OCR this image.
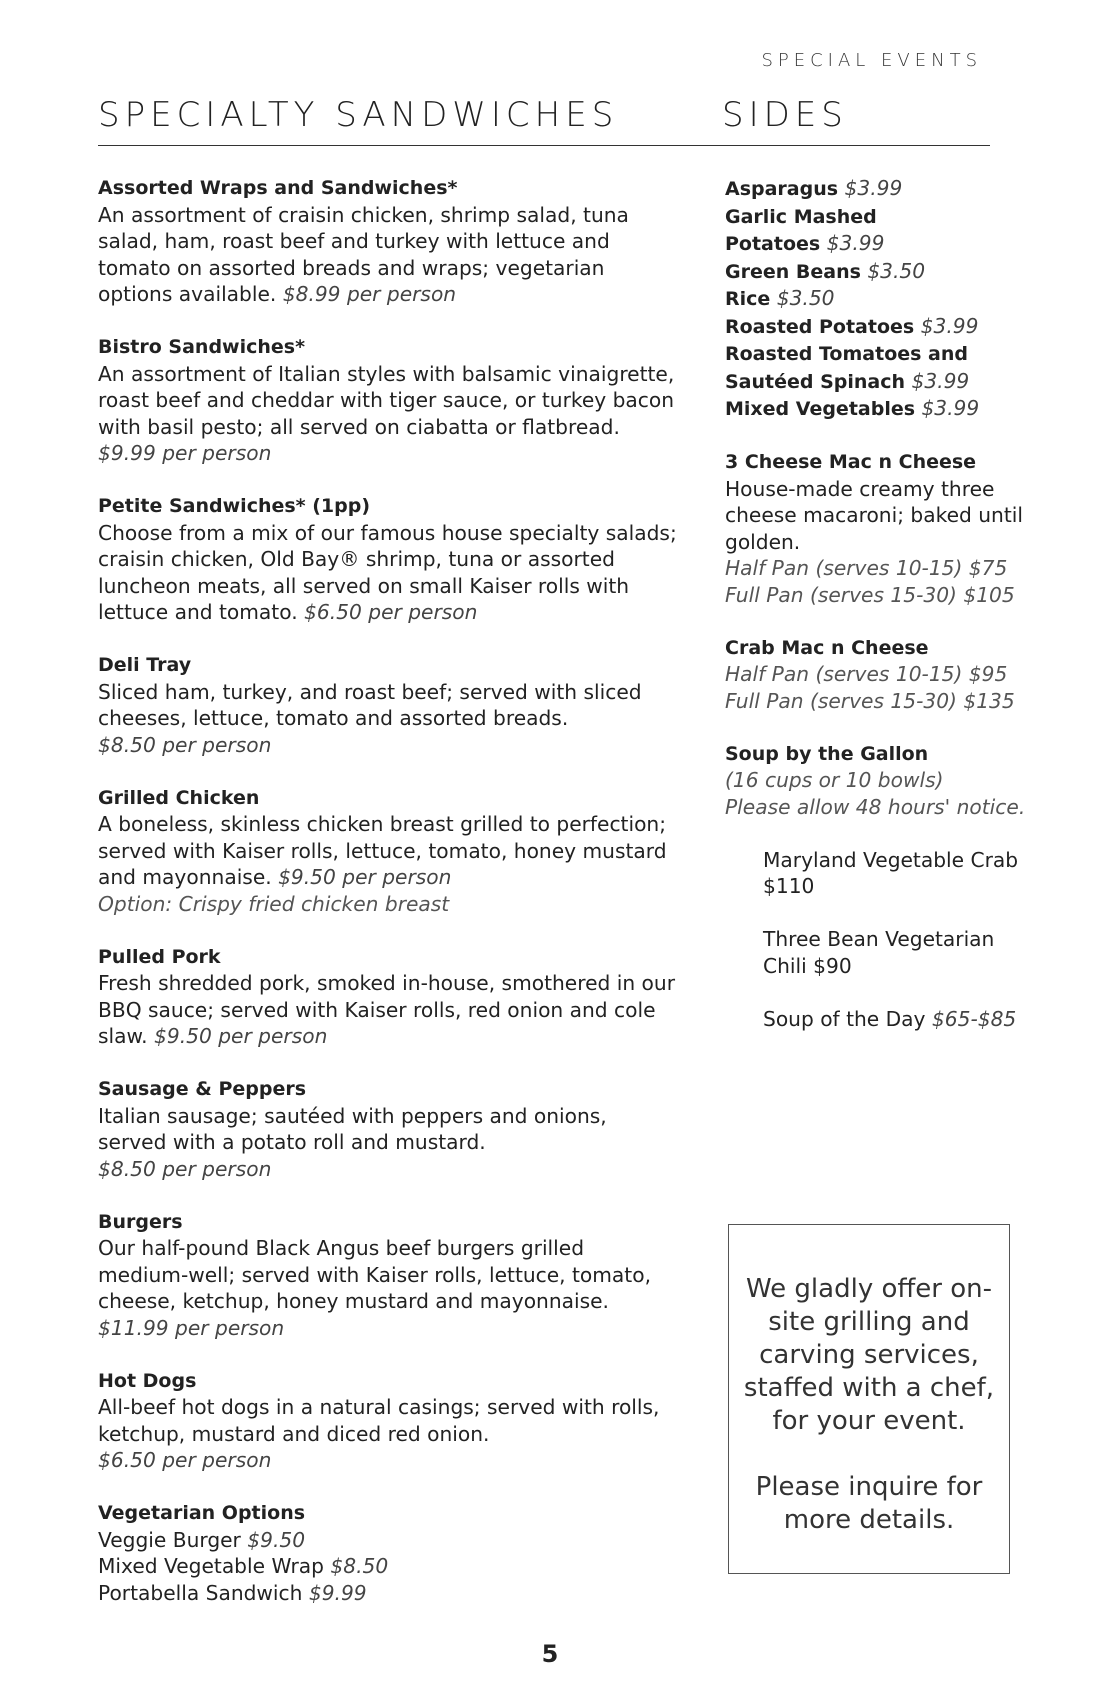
SPECIAL EVENTS
SPECIALTY SANDWICHES	SIDES
Assorted Wraps and Sandwiches*
An assortment of craisin chicken, shrimp salad, tuna salad, ham, roast beef and turkey with lettuce and tomato on assorted breads and wraps; vegetarian options available. $8.99 per person
Bistro Sandwiches*
An assortment of Italian styles with balsamic vinaigrette, roast beef and cheddar with tiger sauce, or turkey bacon with basil pesto; all served on ciabatta or flatbread. $9.99 per person
Petite Sandwiches* (1pp)
Choose from a mix of our famous house specialty salads; craisin chicken, Old Bay® shrimp, tuna or assorted luncheon meats, all served on small Kaiser rolls with lettuce and tomato. $6.50 per person
Deli Tray
Sliced ham, turkey, and roast beef; served with sliced cheeses, lettuce, tomato and assorted breads.
$8.50 per person
Grilled Chicken
A boneless, skinless chicken breast grilled to perfection; served with Kaiser rolls, lettuce, tomato, honey mustard and mayonnaise. $9.50 per person
Option: Crispy fried chicken breast
Pulled Pork
Fresh shredded pork, smoked in-house, smothered in our BBQ sauce; served with Kaiser rolls, red onion and cole slaw. $9.50 per person
Sausage & Peppers
Italian sausage; sautéed with peppers and onions, served with a potato roll and mustard.
$8.50 per person
Burgers
Our half-pound Black Angus beef burgers grilled medium-well; served with Kaiser rolls, lettuce, tomato, cheese, ketchup, honey mustard and mayonnaise.
$11.99 per person
Hot Dogs
All-beef hot dogs in a natural casings; served with rolls, ketchup, mustard and diced red onion.
$6.50 per person
Vegetarian Options
Veggie Burger $9.50
Mixed Vegetable Wrap $8.50
Portabella Sandwich $9.99
Asparagus $3.99
Garlic Mashed
Potatoes $3.99
Green Beans $3.50
Rice $3.50
Roasted Potatoes $3.99
Roasted Tomatoes and
Sautéed Spinach $3.99
Mixed Vegetables $3.99
3 Cheese Mac n Cheese
House-made creamy three cheese macaroni; baked until golden.
Half Pan (serves 10-15) $75
Full Pan (serves 15-30) $105
Crab Mac n Cheese
Half Pan (serves 10-15) $95
Full Pan (serves 15-30) $135
Soup by the Gallon
(16 cups or 10 bowls)
Please allow 48 hours' notice.
Maryland Vegetable Crab $110
Three Bean Vegetarian Chili $90
Soup of the Day $65-$85

We gladly offer on-site grilling and carving services, staffed with a chef, for your event.

Please inquire for more details.

5
